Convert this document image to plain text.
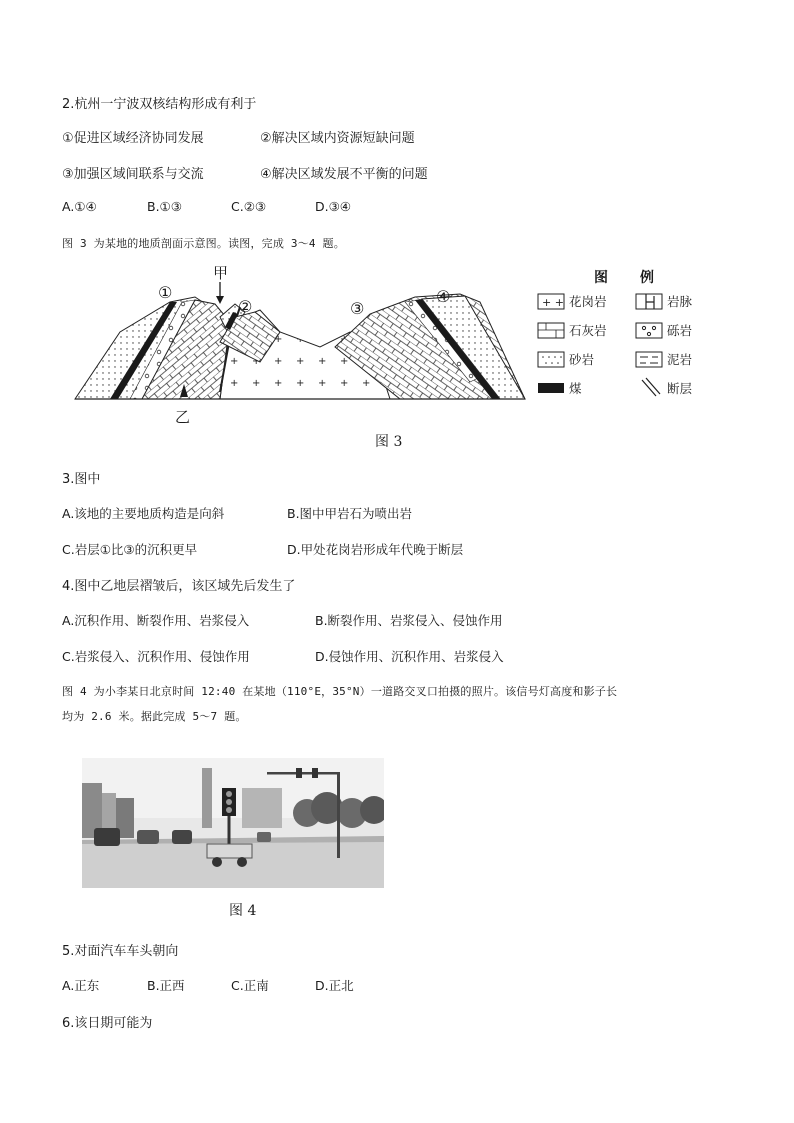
2.杭州一宁波双核结构形成有利于
①促进区域经济协同发展	②解决区域内资源短缺问题
③加强区域间联系与交流	④解决区域发展不平衡的问题
A.①④	B.①③	C.②③	D.③④
图 3 为某地的地质剖面示意图。读图，完成 3～4 题。
①
甲
②	③
④
乙
图 例
+ + 花岗岩	岩脉
石灰岩	砾岩
砂岩	泥岩
煤	断层
图 3
3.图中
A.该地的主要地质构造是向斜	B.图中甲岩石为喷出岩
C.岩层①比③的沉积更早	D.甲处花岗岩形成年代晚于断层
4.图中乙地层褶皱后，该区域先后发生了
A.沉积作用、断裂作用、岩浆侵入	B.断裂作用、岩浆侵入、侵蚀作用
C.岩浆侵入、沉积作用、侵蚀作用	D.侵蚀作用、沉积作用、岩浆侵入
图 4 为小李某日北京时间 12:40 在某地（110°E，35°N）一道路交叉口拍摄的照片。该信号灯高度和影子长
均为 2.6 米。据此完成 5～7 题。
图 4
5.对面汽车车头朝向
A.正东	B.正西	C.正南	D.正北
6.该日期可能为
